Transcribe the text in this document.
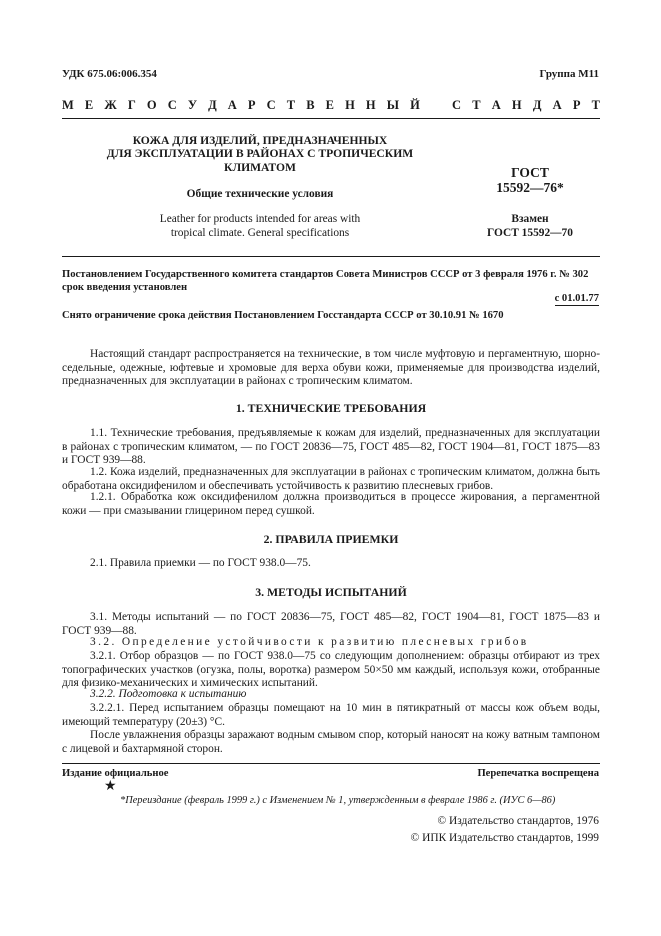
УДК 675.06:006.354	Группа М11
М Е Ж Г О С У Д А Р С Т В Е Н Н Ы Й	С Т А Н Д А Р Т
КОЖА ДЛЯ ИЗДЕЛИЙ, ПРЕДНАЗНАЧЕННЫХ
ДЛЯ ЭКСПЛУАТАЦИИ В РАЙОНАХ С ТРОПИЧЕСКИМ
КЛИМАТОМ
Общие технические условия
Leather for products intended for areas with
tropical climate. General specifications
ГОСТ
15592—76*
Взамен
ГОСТ 15592—70
Постановлением Государственного комитета стандартов Совета Министров СССР от 3 февраля 1976 г. № 302
срок введения установлен
с 01.01.77
Снято ограничение срока действия Постановлением Госстандарта СССР от 30.10.91 № 1670
Настоящий стандарт распространяется на технические, в том числе муфтовую и пергаментную, шорно-седельные, одежные, юфтевые и хромовые для верха обуви кожи, применяемые для производства изделий, предназначенных для эксплуатации в районах с тропическим климатом.
1. ТЕХНИЧЕСКИЕ ТРЕБОВАНИЯ
1.1. Технические требования, предъявляемые к кожам для изделий, предназначенных для эксплуатации в районах с тропическим климатом, — по ГОСТ 20836—75, ГОСТ 485—82, ГОСТ 1904—81, ГОСТ 1875—83 и ГОСТ 939—88.
1.2. Кожа изделий, предназначенных для эксплуатации в районах с тропическим климатом, должна быть обработана оксидифенилом и обеспечивать устойчивость к развитию плесневых грибов.
1.2.1. Обработка кож оксидифенилом должна производиться в процессе жирования, а пергаментной кожи — при смазывании глицерином перед сушкой.
2. ПРАВИЛА ПРИЕМКИ
2.1. Правила приемки — по ГОСТ 938.0—75.
3. МЕТОДЫ ИСПЫТАНИЙ
3.1. Методы испытаний — по ГОСТ 20836—75, ГОСТ 485—82, ГОСТ 1904—81, ГОСТ 1875—83 и ГОСТ 939—88.
3.2. Определение устойчивости к развитию плесневых грибов
3.2.1. Отбор образцов — по ГОСТ 938.0—75 со следующим дополнением: образцы отбирают из трех топографических участков (огузка, полы, воротка) размером 50×50 мм каждый, используя кожи, отобранные для физико-механических и химических испытаний.
3.2.2. Подготовка к испытанию
3.2.2.1. Перед испытанием образцы помещают на 10 мин в пятикратный от массы кож объем воды, имеющий температуру (20±3) °С.
После увлажнения образцы заражают водным смывом спор, который наносят на кожу ватным тампоном с лицевой и бахтармяной сторон.
Издание официальное	Перепечатка воспрещена
★
*Переиздание (февраль 1999 г.) с Изменением № 1, утвержденным в феврале 1986 г. (ИУС 6—86)
© Издательство стандартов, 1976
© ИПК Издательство стандартов, 1999
